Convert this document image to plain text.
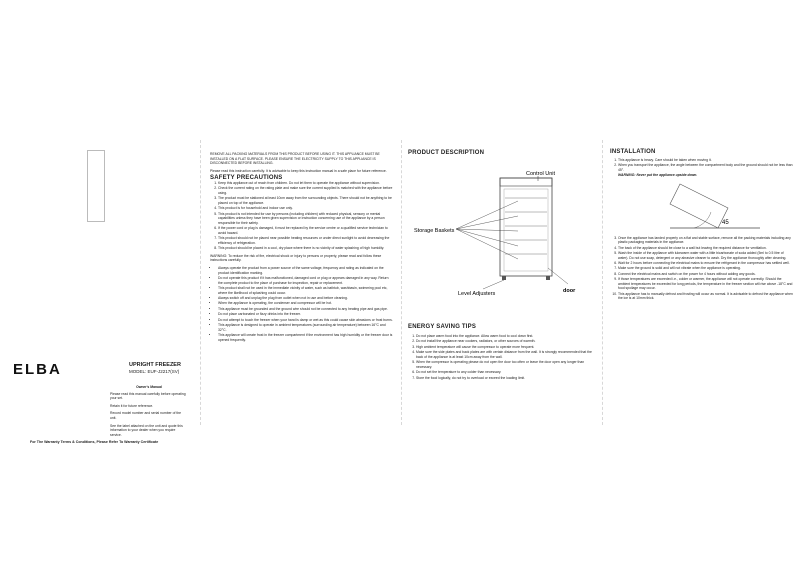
ELBA	UPRIGHT FREEZER
MODEL: EUF-J2217(SV)
Owner's Manual
Please read this manual carefully before operating your set.
Retain it for future reference.
Record model number and serial number of the unit.
See the label attached on the unit and quote this information to your dealer when you require service.
For The Warranty Terms & Conditions, Please Refer To Warranty Certificate
REMOVE ALL PACKING MATERIALS FROM THIS PRODUCT BEFORE USING IT. THIS APPLIANCE MUST BE INSTALLED ON A FLAT SURFACE. PLEASE ENSURE THE ELECTRICITY SUPPLY TO THIS APPLIANCE IS DISCONNECTED BEFORE INSTALLING.
Please read this instruction carefully. It is advisable to keep this instruction manual in a safe place for future reference.
SAFETY PRECAUTIONS
1. Keep this appliance out of reach from children. Do not let them to operate the appliance without supervision.
2. Check the current rating on the rating plate and make sure the current supplied is matched with the appliance before using.
3. The product must be stationed at least 10cm away from the surrounding objects. There should not be anything to be placed on top of the appliance.
4. This product is for household and indoor use only.
5. This product is not intended for use by persons (including children) with reduced physical, sensory or mental capabilities unless they have been given supervision or instruction concerning use of the appliance by a person responsible for their safety.
6. If the power cord or plug is damaged, it must be replaced by the service centre or a qualified service technician to avoid hazard.
7. This product should not be placed near possible heating resources or under direct sunlight to avoid decreasing the efficiency of refrigeration.
8. This product should be placed in a cool, dry place where there is no vicinity of water splashing of high humidity.
WARNING: To reduce the risk of fire, electrical shock or injury to persons or property, please read and follow these instructions carefully.
• Always operate the product from a power source of the same voltage, frequency and rating as indicated on the product identification marking.
• Do not operate this product if it has malfunctioned, damaged cord or plug or appears damaged in any way. Return the complete product to the place of purchase for inspection, repair or replacement.
• This product shall not be used in the immediate vicinity of water, such as bathtub, washbasin, swimming pool etc, where the likelihood of splashing could occur.
• Always switch off and unplug the plug from outlet when not in use and before cleaning.
• When the appliance is operating, the condenser and compressor will be hot.
• This appliance must be grounded and the ground wire should not be connected to any heating pipe and gas pipe.
• Do not place carbonated or fizzy drinks into the freezer.
• Do not attempt to touch the freezer when your hand is damp or wet as this could cause skin abrasions or frost burns.
• This appliance is designed to operate in ambient temperatures (surrounding air temperature) between 16°C and 32°C.
• This appliance will create frost in the freezer compartment if the environment has high humidity or the freezer door is opened frequently.
PRODUCT DESCRIPTION
Control Unit
Storage Baskets
door
Level Adjusters
ENERGY SAVING TIPS
1. Do not place warm food into the appliance. Allow warm food to cool down first.
2. Do not install the appliance near cookers, radiators, or other sources of warmth.
3. High ambient temperature will cause the compressor to operate more frequent.
4. Make sure the side plates and back plates are with certain distance from the wall. It is strongly recommended that the back of the appliance is at least 10cm away from the wall.
5. When the compressor is operating please do not open the door too often or leave the door open any longer than necessary.
6. Do not set the temperature to any colder than necessary.
7. Store the food logically, do not try to overload or exceed the loading limit.
INSTALLATION
1. This appliance is heavy. Care should be taken when moving it.
2. When you transport the appliance, the angle between the compartment body and the ground should not be less than 45°.
WARNING: Never put the appliance upside down.
45
3. Once the appliance has landed properly on a flat and stable surface, remove all the packing materials including any plastic packaging materials in the appliance.
4. The back of the appliance should be close to a wall but leaving the required distance for ventilation.
5. Wash the inside of the appliance with lukewarm water with a little bicarbonate of soda added (5ml to 0.5 litre of water). Do not use soap, detergent or any abrasive cleaner to wash. Dry the appliance thoroughly after cleaning.
6. Wait for 2 hours before connecting the electrical mains to ensure the refrigerant in the compressor has settled well.
7. Make sure the ground is solid and will not vibrate when the appliance is operating.
8. Connect the electrical mains and switch on the power for 4 hours without adding any goods.
9. If those temperatures are exceeded i.e., colder or warmer, the appliance will not operate correctly. Should the ambient temperatures be exceeded for long periods, the temperature in the freezer section will rise above -18°C and food spoilage may occur.
10. This appliance has to manually defrost and frosting will occur as normal. It is advisable to defrost the appliance when the ice is at 10mm thick.
